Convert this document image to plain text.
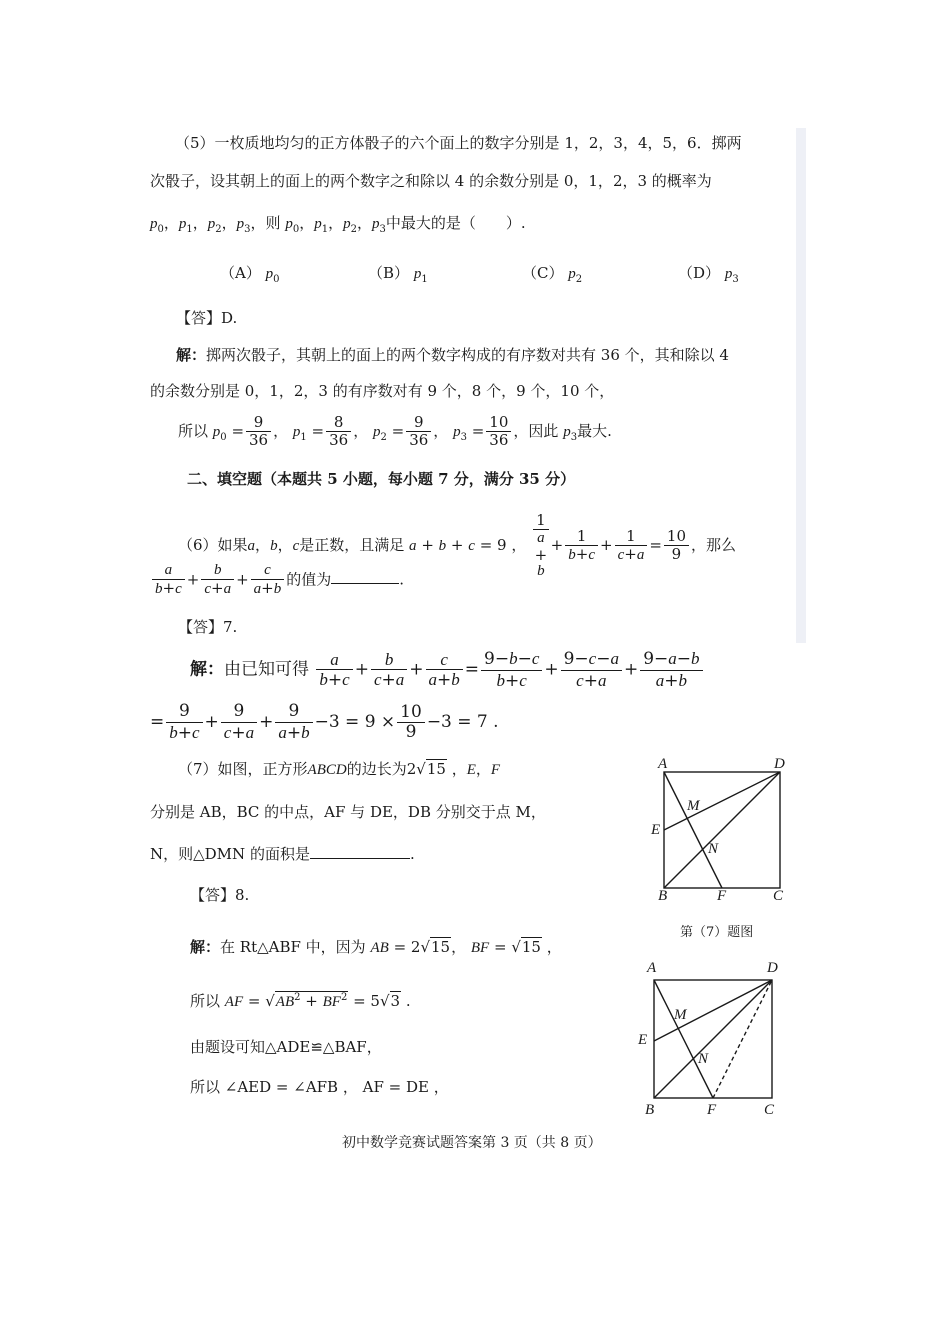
（5）一枚质地均匀的正方体骰子的六个面上的数字分别是 1，2，3，4，5，6．掷两
次骰子，设其朝上的面上的两个数字之和除以 4 的余数分别是 0，1，2，3 的概率为
$p_0$，$p_1$，$p_2$，$p_3$，则 $p_0$，$p_1$，$p_2$，$p_3$中最大的是（　　）.
（A） $p_0$	（B） $p_1$	（C） $p_2$	（D） $p_3$
【答】D.
解：掷两次骰子，其朝上的面上的两个数字构成的有序数对共有 36 个，其和除以 4
的余数分别是 0，1，2，3 的有序数对有 9 个，8 个，9 个，10 个，
所以 $p_0 = \frac{9}{36}$ ， $p_1 = \frac{8}{36}$ ， $p_2 = \frac{9}{36}$ ， $p_3 = \frac{10}{36}$ ，因此 $p_3$最大.
二、填空题（本题共 5 小题，每小题 7 分，满分 35 分）
（6）如果a，b，c是正数，且满足 a + b + c = 9 ，
1
a
+
b
+ $\frac{1}{b+c} + \frac{1}{c+a} = \frac{10}{9}$ ，那么
$\frac{a}{b+c} + \frac{b}{c+a} + \frac{c}{a+b}$ 的值为	.
【答】7.
解：由已知可得 $\frac{a}{b+c} + \frac{b}{c+a} + \frac{c}{a+b} = \frac{9-b-c}{b+c} + \frac{9-c-a}{c+a} + \frac{9-a-b}{a+b}$
= $\frac{9}{b+c} + \frac{9}{c+a} + \frac{9}{a+b} -3 = 9 \times \frac{10}{9} -3 = 7$ .
（7）如图，正方形ABCD的边长为2√15 ，E，F
分别是 AB，BC 的中点，AF 与 DE，DB 分别交于点 M，
N，则△DMN 的面积是	.
【答】8.
解：在 Rt△ABF 中，因为 AB = 2√15， BF = √15 ，
所以 AF = $√AB^2 + BF^2 = 5√3$ .
由题设可知△ADE≌△BAF，
所以 ∠AED = ∠AFB ， AF = DE ，
A	D
M
E
N
B	F	C
第（7）题图
A	D
M
E
N
B	F	C
初中数学竞赛试题答案第 3 页（共 8 页）
